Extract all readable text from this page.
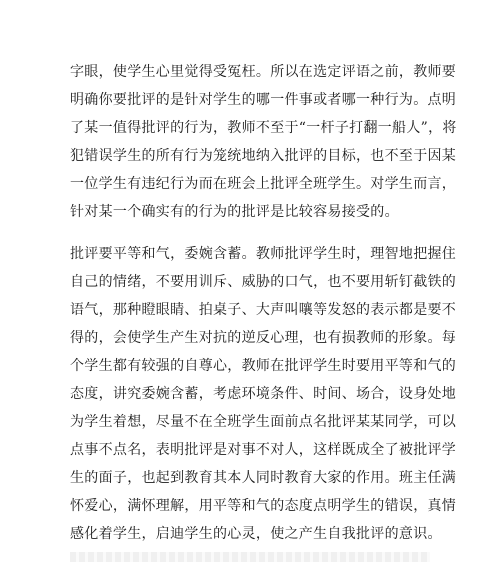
字眼，使学生心里觉得受冤枉。所以在选定评语之前，教师要
明确你要批评的是针对学生的哪一件事或者哪一种行为。点明
了某一值得批评的行为，教师不至于“一杆子打翻一船人”，将
犯错误学生的所有行为笼统地纳入批评的目标，也不至于因某
一位学生有违纪行为而在班会上批评全班学生。对学生而言，
针对某一个确实有的行为的批评是比较容易接受的。
批评要平等和气，委婉含蓄。教师批评学生时，理智地把握住
自己的情绪，不要用训斥、威胁的口气，也不要用斩钉截铁的
语气，那种瞪眼睛、拍桌子、大声叫嚷等发怒的表示都是要不
得的，会使学生产生对抗的逆反心理，也有损教师的形象。每
个学生都有较强的自尊心，教师在批评学生时要用平等和气的
态度，讲究委婉含蓄，考虑环境条件、时间、场合，设身处地
为学生着想，尽量不在全班学生面前点名批评某某同学，可以
点事不点名，表明批评是对事不对人，这样既成全了被批评学
生的面子，也起到教育其本人同时教育大家的作用。班主任满
怀爱心，满怀理解，用平等和气的态度点明学生的错误，真情
感化着学生，启迪学生的心灵，使之产生自我批评的意识。
